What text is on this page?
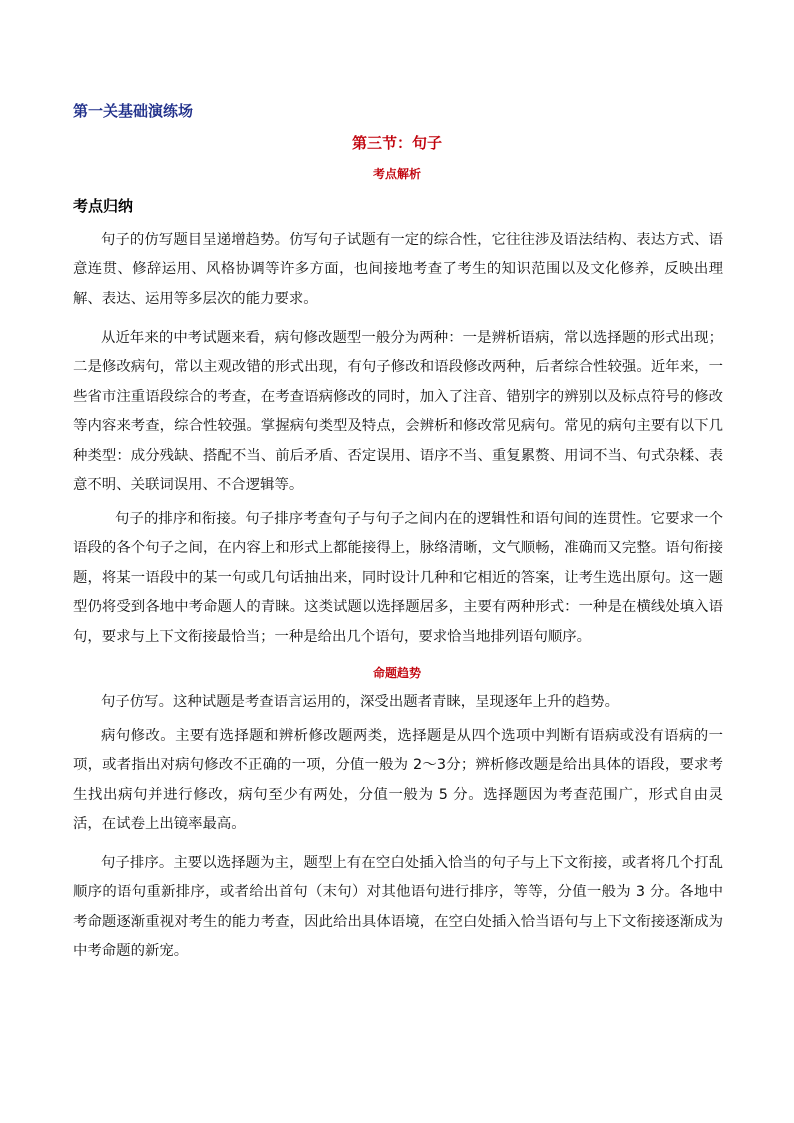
第一关基础演练场
第三节：句子
考点解析
考点归纳

句子的仿写题目呈递增趋势。仿写句子试题有一定的综合性，它往往涉及语法结构、表达方式、语意连贯、修辞运用、风格协调等许多方面，也间接地考查了考生的知识范围以及文化修养，反映出理解、表达、运用等多层次的能力要求。

从近年来的中考试题来看，病句修改题型一般分为两种：一是辨析语病，常以选择题的形式出现；二是修改病句，常以主观改错的形式出现，有句子修改和语段修改两种，后者综合性较强。近年来，一些省市注重语段综合的考查，在考查语病修改的同时，加入了注音、错别字的辨别以及标点符号的修改等内容来考查，综合性较强。掌握病句类型及特点，会辨析和修改常见病句。常见的病句主要有以下几种类型：成分残缺、搭配不当、前后矛盾、否定误用、语序不当、重复累赘、用词不当、句式杂糅、表意不明、关联词误用、不合逻辑等。

句子的排序和衔接。句子排序考查句子与句子之间内在的逻辑性和语句间的连贯性。它要求一个语段的各个句子之间，在内容上和形式上都能接得上，脉络清晰，文气顺畅，准确而又完整。语句衔接题，将某一语段中的某一句或几句话抽出来，同时设计几种和它相近的答案，让考生选出原句。这一题型仍将受到各地中考命题人的青睐。这类试题以选择题居多，主要有两种形式：一种是在横线处填入语句，要求与上下文衔接最恰当；一种是给出几个语句，要求恰当地排列语句顺序。

命题趋势

句子仿写。这种试题是考查语言运用的，深受出题者青睐，呈现逐年上升的趋势。

病句修改。主要有选择题和辨析修改题两类，选择题是从四个选项中判断有语病或没有语病的一项，或者指出对病句修改不正确的一项，分值一般为 2～3分；辨析修改题是给出具体的语段，要求考生找出病句并进行修改，病句至少有两处，分值一般为 5 分。选择题因为考查范围广，形式自由灵活，在试卷上出镜率最高。

句子排序。主要以选择题为主，题型上有在空白处插入恰当的句子与上下文衔接，或者将几个打乱顺序的语句重新排序，或者给出首句（末句）对其他语句进行排序，等等，分值一般为 3 分。各地中考命题逐渐重视对考生的能力考查，因此给出具体语境，在空白处插入恰当语句与上下文衔接逐渐成为中考命题的新宠。
